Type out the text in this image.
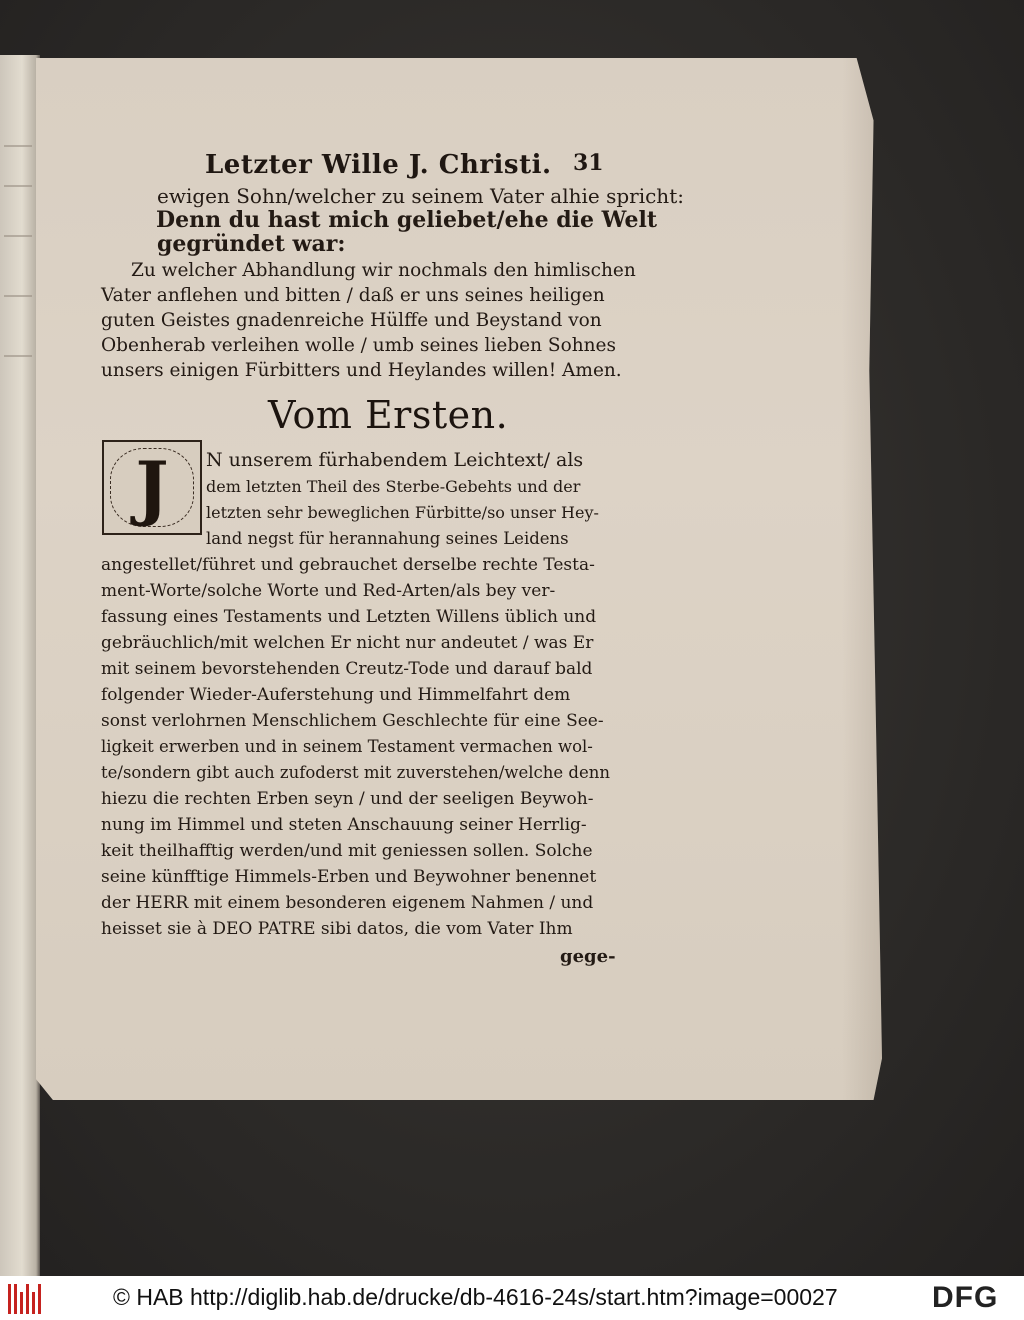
Letzter Wille J. Christi. 31
ewigen Sohn/welcher zu seinem Vater alhie spricht:
Denn du hast mich geliebet/ehe die Welt
gegründet war:
Zu welcher Abhandlung wir nochmals den himlischen
Vater anflehen und bitten / daß er uns seines heiligen
guten Geistes gnadenreiche Hülffe und Beystand von
Obenherab verleihen wolle / umb seines lieben Sohnes
unsers einigen Fürbitters und Heylandes willen! Amen.
Vom Ersten.
J	N unserem fürhabendem Leichtext/ als
dem letzten Theil des Sterbe-Gebehts und der
letzten sehr beweglichen Fürbitte/so unser Hey-
land negst für herannahung seines Leidens
angestellet/führet und gebrauchet derselbe rechte Testa-
ment-Worte/solche Worte und Red-Arten/als bey ver-
fassung eines Testaments und Letzten Willens üblich und
gebräuchlich/mit welchen Er nicht nur andeutet / was Er
mit seinem bevorstehenden Creutz-Tode und darauf bald
folgender Wieder-Auferstehung und Himmelfahrt dem
sonst verlohrnen Menschlichem Geschlechte für eine See-
ligkeit erwerben und in seinem Testament vermachen wol-
te/sondern gibt auch zufoderst mit zuverstehen/welche denn
hiezu die rechten Erben seyn / und der seeligen Beywoh-
nung im Himmel und steten Anschauung seiner Herrlig-
keit theilhafftig werden/und mit geniessen sollen. Solche
seine künfftige Himmels-Erben und Beywohner benennet
der HERR mit einem besonderen eigenem Nahmen / und
heisset sie à DEO PATRE sibi datos, die vom Vater Ihm
gege-
© HAB http://diglib.hab.de/drucke/db-4616-24s/start.htm?image=00027	DFG
